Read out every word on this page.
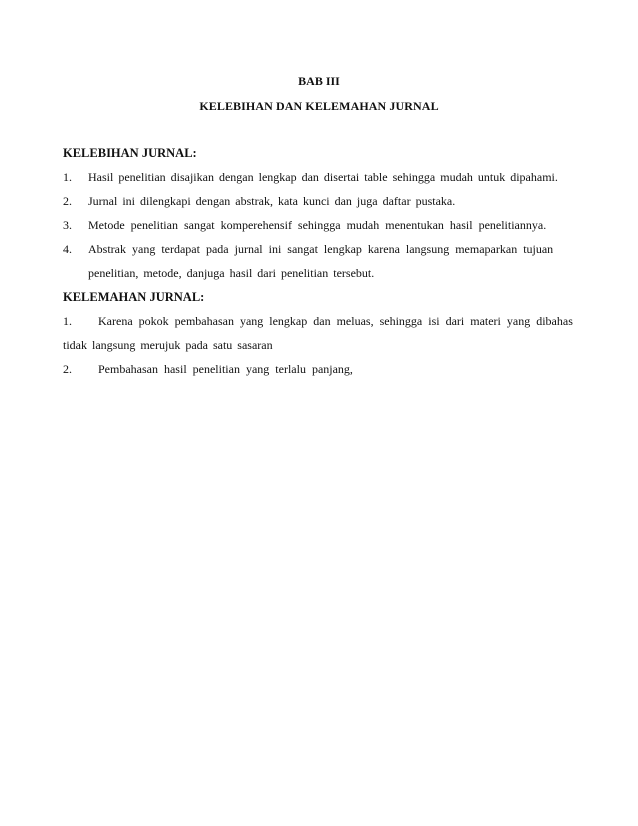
BAB III
KELEBIHAN DAN KELEMAHAN JURNAL
KELEBIHAN JURNAL:
1. Hasil penelitian disajikan dengan lengkap dan disertai table sehingga mudah untuk dipahami.
2. Jurnal ini dilengkapi dengan abstrak, kata kunci dan juga daftar pustaka.
3. Metode penelitian sangat komperehensif sehingga mudah menentukan hasil penelitiannya.
4. Abstrak yang terdapat pada jurnal ini sangat lengkap karena langsung memaparkan tujuan
penelitian, metode, danjuga hasil dari penelitian tersebut.
KELEMAHAN JURNAL:
1. Karena pokok pembahasan yang lengkap dan meluas, sehingga isi dari materi yang dibahas
tidak langsung merujuk pada satu sasaran
2. Pembahasan hasil penelitian yang terlalu panjang,
